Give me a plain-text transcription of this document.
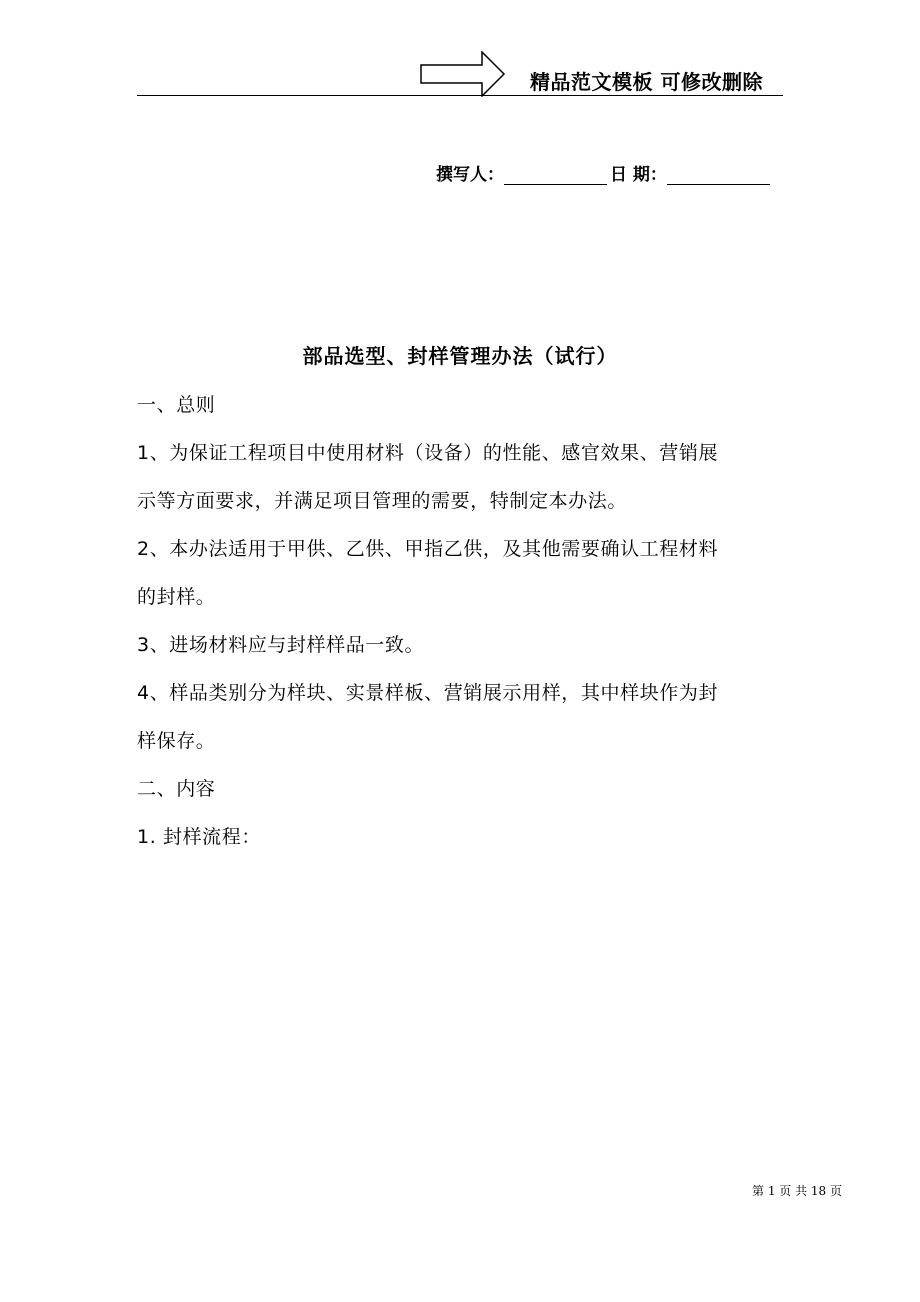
精品范文模板 可修改删除
撰写人：	日 期：
部品选型、封样管理办法（试行）
一、总则
1、为保证工程项目中使用材料（设备）的性能、感官效果、营销展
示等方面要求，并满足项目管理的需要，特制定本办法。
2、本办法适用于甲供、乙供、甲指乙供，及其他需要确认工程材料
的封样。
3、进场材料应与封样样品一致。
4、样品类别分为样块、实景样板、营销展示用样，其中样块作为封
样保存。
二、内容
1. 封样流程：
第 1 页 共 18 页
